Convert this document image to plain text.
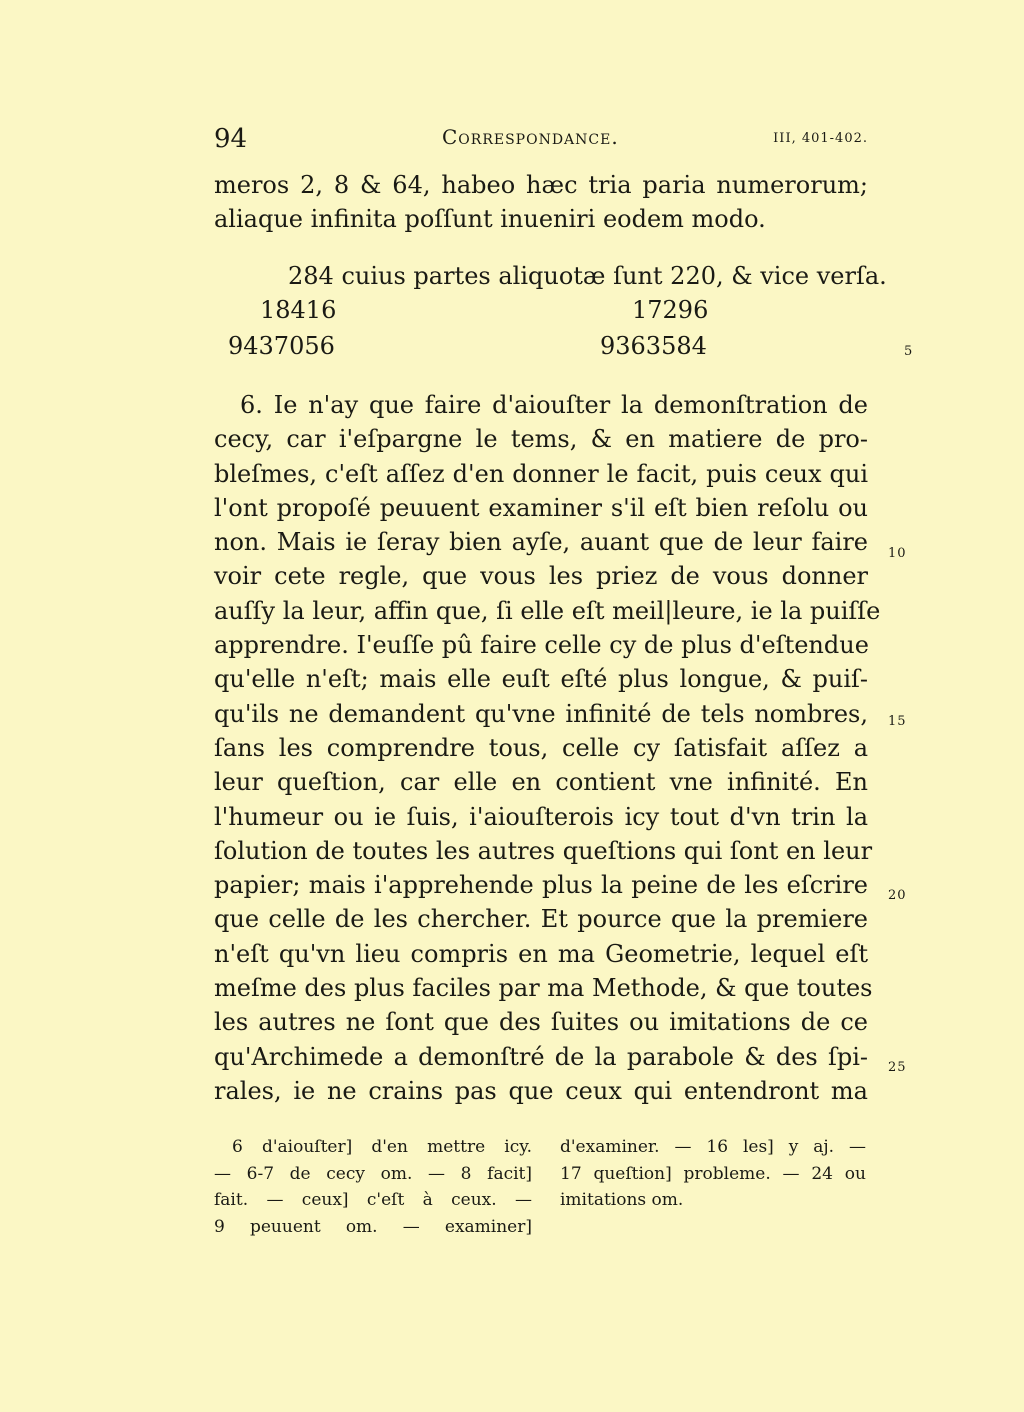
94	Correspondance.	III, 401-402.
meros 2, 8 & 64, habeo hæc tria paria numerorum;
aliaque infinita poſſunt inueniri eodem modo.
284 cuius partes aliquotæ ſunt 220, & vice verſa.
18416	17296
9437056	9363584
6. Ie n'ay que faire d'aiouſter la demonſtration de
cecy, car i'eſpargne le tems, & en matiere de pro-
bleſmes, c'eſt aſſez d'en donner le facit, puis ceux qui
l'ont propoſé peuuent examiner s'il eſt bien reſolu ou
non. Mais ie ſeray bien ayſe, auant que de leur faire
voir cete regle, que vous les priez de vous donner
auſſy la leur, affin que, ſi elle eſt meil|leure, ie la puiſſe
apprendre. I'euſſe pû faire celle cy de plus d'eſtendue
qu'elle n'eſt; mais elle euſt eſté plus longue, & puiſ-
qu'ils ne demandent qu'vne infinité de tels nombres,
ſans les comprendre tous, celle cy ſatisfait aſſez a
leur queſtion, car elle en contient vne infinité. En
l'humeur ou ie ſuis, i'aiouſterois icy tout d'vn trin la
ſolution de toutes les autres queſtions qui ſont en leur
papier; mais i'apprehende plus la peine de les eſcrire
que celle de les chercher. Et pource que la premiere
n'eſt qu'vn lieu compris en ma Geometrie, lequel eſt
meſme des plus faciles par ma Methode, & que toutes
les autres ne ſont que des ſuites ou imitations de ce
qu'Archimede a demonſtré de la parabole & des ſpi-
rales, ie ne crains pas que ceux qui entendront ma
5
10
15
20
25
6 d'aiouſter] d'en mettre icy.
— 6-7 de cecy om. — 8 facit]
fait. — ceux] c'eſt à ceux. —
9 peuuent om. — examiner]
d'examiner. — 16 les] y aj. —
17 queſtion] probleme. — 24 ou
imitations om.
